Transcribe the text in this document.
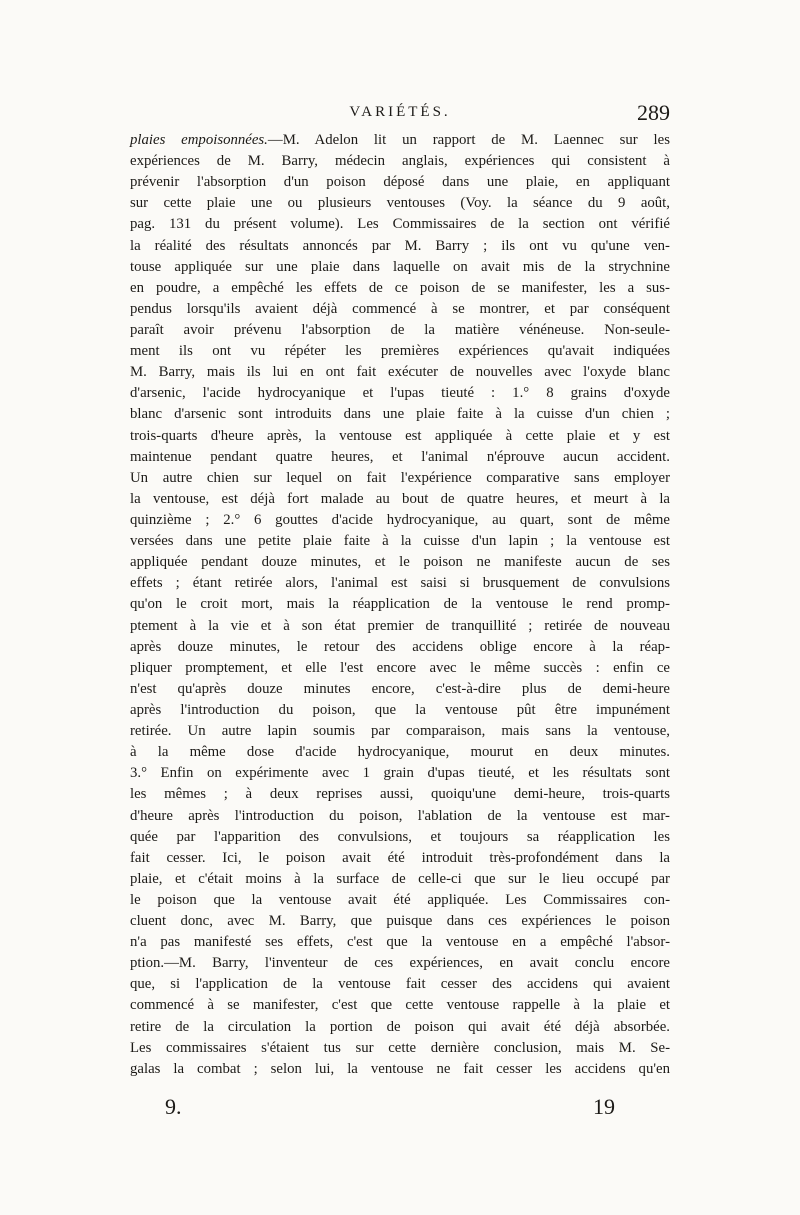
VARIÉTÉS.	289
plaies empoisonnées.—M. Adelon lit un rapport de M. Laennec sur les
expériences de M. Barry, médecin anglais, expériences qui consistent à
prévenir l'absorption d'un poison déposé dans une plaie, en appliquant
sur cette plaie une ou plusieurs ventouses (Voy. la séance du 9 août,
pag. 131 du présent volume). Les Commissaires de la section ont vérifié
la réalité des résultats annoncés par M. Barry ; ils ont vu qu'une ven-
touse appliquée sur une plaie dans laquelle on avait mis de la strychnine
en poudre, a empêché les effets de ce poison de se manifester, les a sus-
pendus lorsqu'ils avaient déjà commencé à se montrer, et par conséquent
paraît avoir prévenu l'absorption de la matière vénéneuse. Non-seule-
ment ils ont vu répéter les premières expériences qu'avait indiquées
M. Barry, mais ils lui en ont fait exécuter de nouvelles avec l'oxyde blanc
d'arsenic, l'acide hydrocyanique et l'upas tieuté : 1.° 8 grains d'oxyde
blanc d'arsenic sont introduits dans une plaie faite à la cuisse d'un chien ;
trois-quarts d'heure après, la ventouse est appliquée à cette plaie et y est
maintenue pendant quatre heures, et l'animal n'éprouve aucun accident.
Un autre chien sur lequel on fait l'expérience comparative sans employer
la ventouse, est déjà fort malade au bout de quatre heures, et meurt à la
quinzième ; 2.° 6 gouttes d'acide hydrocyanique, au quart, sont de même
versées dans une petite plaie faite à la cuisse d'un lapin ; la ventouse est
appliquée pendant douze minutes, et le poison ne manifeste aucun de ses
effets ; étant retirée alors, l'animal est saisi si brusquement de convulsions
qu'on le croit mort, mais la réapplication de la ventouse le rend promp-
ptement à la vie et à son état premier de tranquillité ; retirée de nouveau
après douze minutes, le retour des accidens oblige encore à la réap-
pliquer promptement, et elle l'est encore avec le même succès : enfin ce
n'est qu'après douze minutes encore, c'est-à-dire plus de demi-heure
après l'introduction du poison, que la ventouse pût être impunément
retirée. Un autre lapin soumis par comparaison, mais sans la ventouse,
à la même dose d'acide hydrocyanique, mourut en deux minutes.
3.° Enfin on expérimente avec 1 grain d'upas tieuté, et les résultats sont
les mêmes ; à deux reprises aussi, quoiqu'une demi-heure, trois-quarts
d'heure après l'introduction du poison, l'ablation de la ventouse est mar-
quée par l'apparition des convulsions, et toujours sa réapplication les
fait cesser. Ici, le poison avait été introduit très-profondément dans la
plaie, et c'était moins à la surface de celle-ci que sur le lieu occupé par
le poison que la ventouse avait été appliquée. Les Commissaires con-
cluent donc, avec M. Barry, que puisque dans ces expériences le poison
n'a pas manifesté ses effets, c'est que la ventouse en a empêché l'absor-
ption.—M. Barry, l'inventeur de ces expériences, en avait conclu encore
que, si l'application de la ventouse fait cesser des accidens qui avaient
commencé à se manifester, c'est que cette ventouse rappelle à la plaie et
retire de la circulation la portion de poison qui avait été déjà absorbée.
Les commissaires s'étaient tus sur cette dernière conclusion, mais M. Se-
galas la combat ; selon lui, la ventouse ne fait cesser les accidens qu'en
9.	19
